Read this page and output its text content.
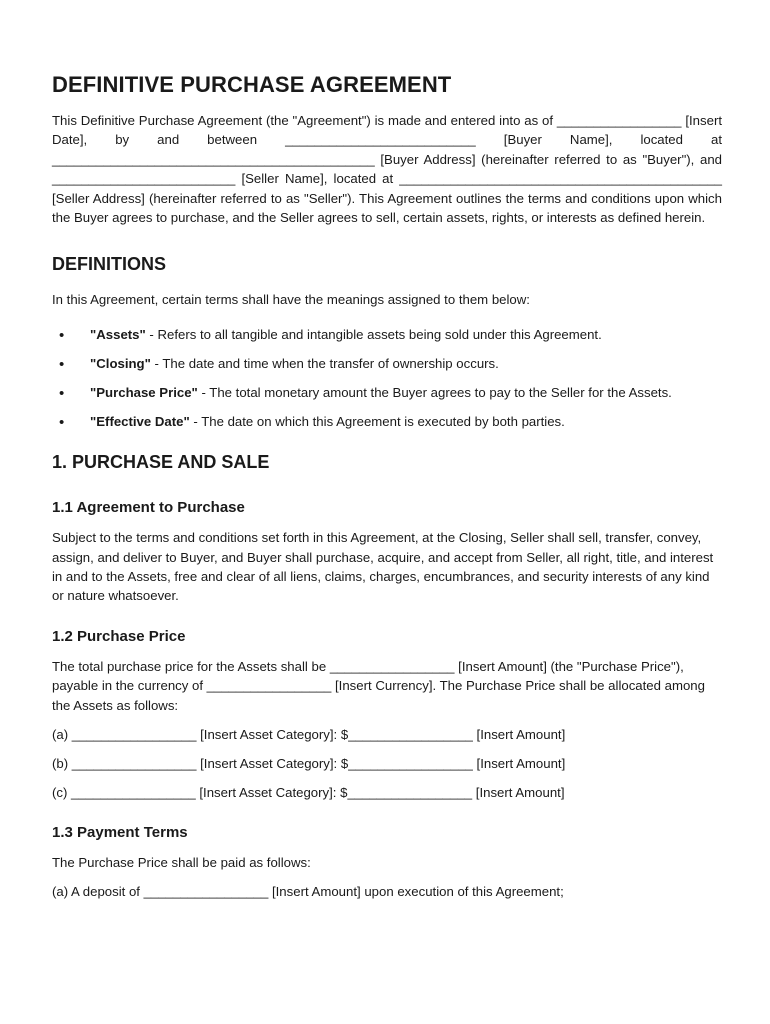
DEFINITIVE PURCHASE AGREEMENT

This Definitive Purchase Agreement (the "Agreement") is made and entered into as of _________________ [Insert Date], by and between __________________________ [Buyer Name], located at ____________________________________________ [Buyer Address] (hereinafter referred to as "Buyer"), and _________________________ [Seller Name], located at ____________________________________________ [Seller Address] (hereinafter referred to as "Seller"). This Agreement outlines the terms and conditions upon which the Buyer agrees to purchase, and the Seller agrees to sell, certain assets, rights, or interests as defined herein.

DEFINITIONS

In this Agreement, certain terms shall have the meanings assigned to them below:

• "Assets" - Refers to all tangible and intangible assets being sold under this Agreement.
• "Closing" - The date and time when the transfer of ownership occurs.
• "Purchase Price" - The total monetary amount the Buyer agrees to pay to the Seller for the Assets.
• "Effective Date" - The date on which this Agreement is executed by both parties.
1. PURCHASE AND SALE
1.1 Agreement to Purchase

Subject to the terms and conditions set forth in this Agreement, at the Closing, Seller shall sell, transfer, convey, assign, and deliver to Buyer, and Buyer shall purchase, acquire, and accept from Seller, all right, title, and interest in and to the Assets, free and clear of all liens, claims, charges, encumbrances, and security interests of any kind or nature whatsoever.

1.2 Purchase Price

The total purchase price for the Assets shall be _________________ [Insert Amount] (the "Purchase Price"), payable in the currency of _________________ [Insert Currency]. The Purchase Price shall be allocated among the Assets as follows:

(a) _________________ [Insert Asset Category]: $_________________ [Insert Amount]
(b) _________________ [Insert Asset Category]: $_________________ [Insert Amount]
(c) _________________ [Insert Asset Category]: $_________________ [Insert Amount]
1.3 Payment Terms

The Purchase Price shall be paid as follows:

(a) A deposit of _________________ [Insert Amount] upon execution of this Agreement;
